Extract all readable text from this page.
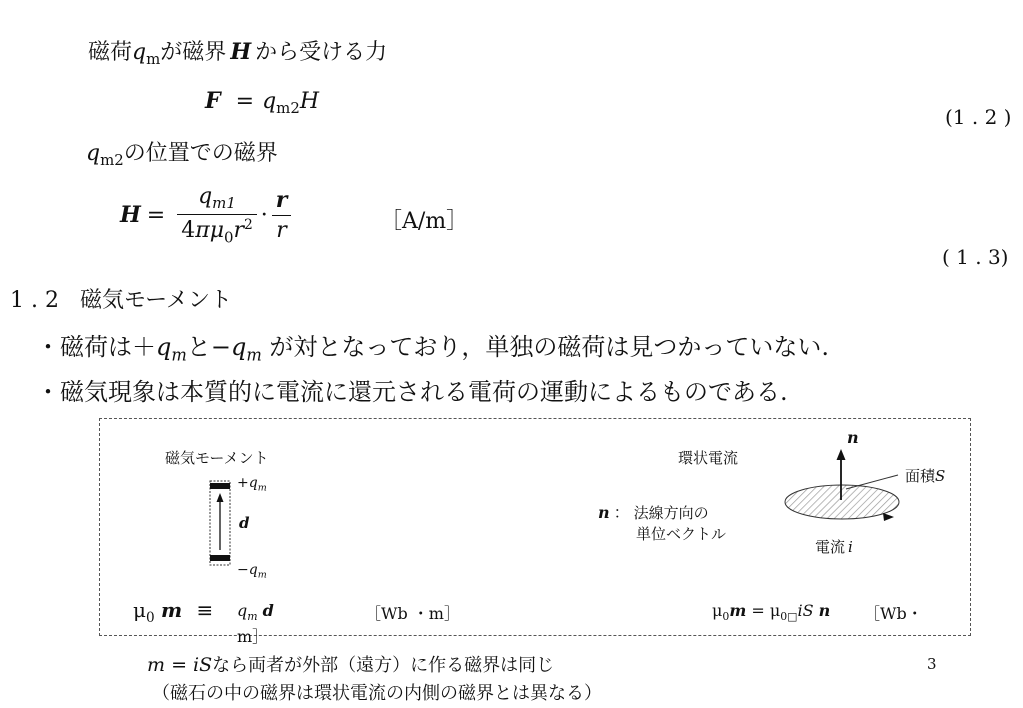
磁荷$q_m$が磁界 H から受ける力
$F = q_{m2}H$
(1 . 2 )
$q_{m2}$の位置での磁界
$H = \frac{q_{m1}}{4\pi\mu_0r^2} \cdot \frac{r}{r}$	［A/m］
( 1 . 3)
1 . 2 磁気モーメント
・磁荷は$+q_m$と$-q_m$ が対となっており，単独の磁荷は見つかっていない.
・磁気現象は本質的に電流に還元される電荷の運動によるものである.
磁気モーメント
$+q_m$
d
$-q_m$
$\mu_0$ $m \equiv q_m$ d
m］
［Wb ・m］
環状電流
n
面積S
n ： 法線方向の
単位ベクトル
電流 i
$\mu_0m = \mu_{0□}iS$ n ［Wb・
m = iSなら両者が外部（遠方）に作る磁界は同じ
（磁石の中の磁界は環状電流の内側の磁界とは異なる）
3
